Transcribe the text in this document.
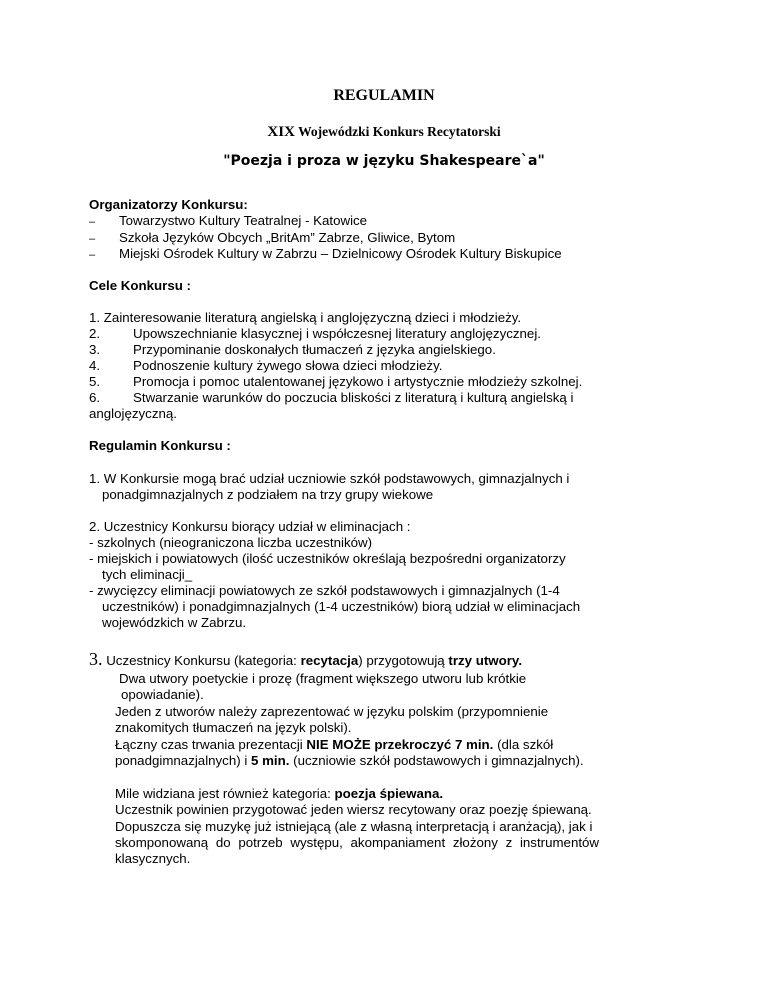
REGULAMIN
XIX Wojewódzki Konkurs Recytatorski
"Poezja i proza w języku Shakespeare`a"
Organizatorzy Konkursu:
– Towarzystwo Kultury Teatralnej - Katowice
– Szkoła Języków Obcych „BritAm” Zabrze, Gliwice, Bytom
– Miejski Ośrodek Kultury w Zabrzu – Dzielnicowy Ośrodek Kultury Biskupice
Cele Konkursu :
1. Zainteresowanie literaturą angielską i anglojęzyczną dzieci i młodzieży.
2. Upowszechnianie klasycznej i współczesnej literatury anglojęzycznej.
3. Przypominanie doskonałych tłumaczeń z języka angielskiego.
4. Podnoszenie kultury żywego słowa dzieci młodzieży.
5. Promocja i pomoc utalentowanej językowo i artystycznie młodzieży szkolnej.
6. Stwarzanie warunków do poczucia bliskości z literaturą i kulturą angielską i
anglojęzyczną.
Regulamin Konkursu :
1. W Konkursie mogą brać udział uczniowie szkół podstawowych, gimnazjalnych i
ponadgimnazjalnych z podziałem na trzy grupy wiekowe
2. Uczestnicy Konkursu biorący udział w eliminacjach :
- szkolnych (nieograniczona liczba uczestników)
- miejskich i powiatowych (ilość uczestników określają bezpośredni organizatorzy
tych eliminacji_
- zwycięzcy eliminacji powiatowych ze szkół podstawowych i gimnazjalnych (1-4
uczestników) i ponadgimnazjalnych (1-4 uczestników) biorą udział w eliminacjach
wojewódzkich w Zabrzu.
3. Uczestnicy Konkursu (kategoria: recytacja) przygotowują trzy utwory.
Dwa utwory poetyckie i prozę (fragment większego utworu lub krótkie
opowiadanie).
Jeden z utworów należy zaprezentować w języku polskim (przypomnienie
znakomitych tłumaczeń na język polski).
Łączny czas trwania prezentacji NIE MOŻE przekroczyć 7 min. (dla szkół
ponadgimnazjalnych) i 5 min. (uczniowie szkół podstawowych i gimnazjalnych).
Mile widziana jest również kategoria: poezja śpiewana.
Uczestnik powinien przygotować jeden wiersz recytowany oraz poezję śpiewaną.
Dopuszcza się muzykę już istniejącą (ale z własną interpretacją i aranżacją), jak i
skomponowaną do potrzeb występu, akompaniament złożony z instrumentów
klasycznych.
